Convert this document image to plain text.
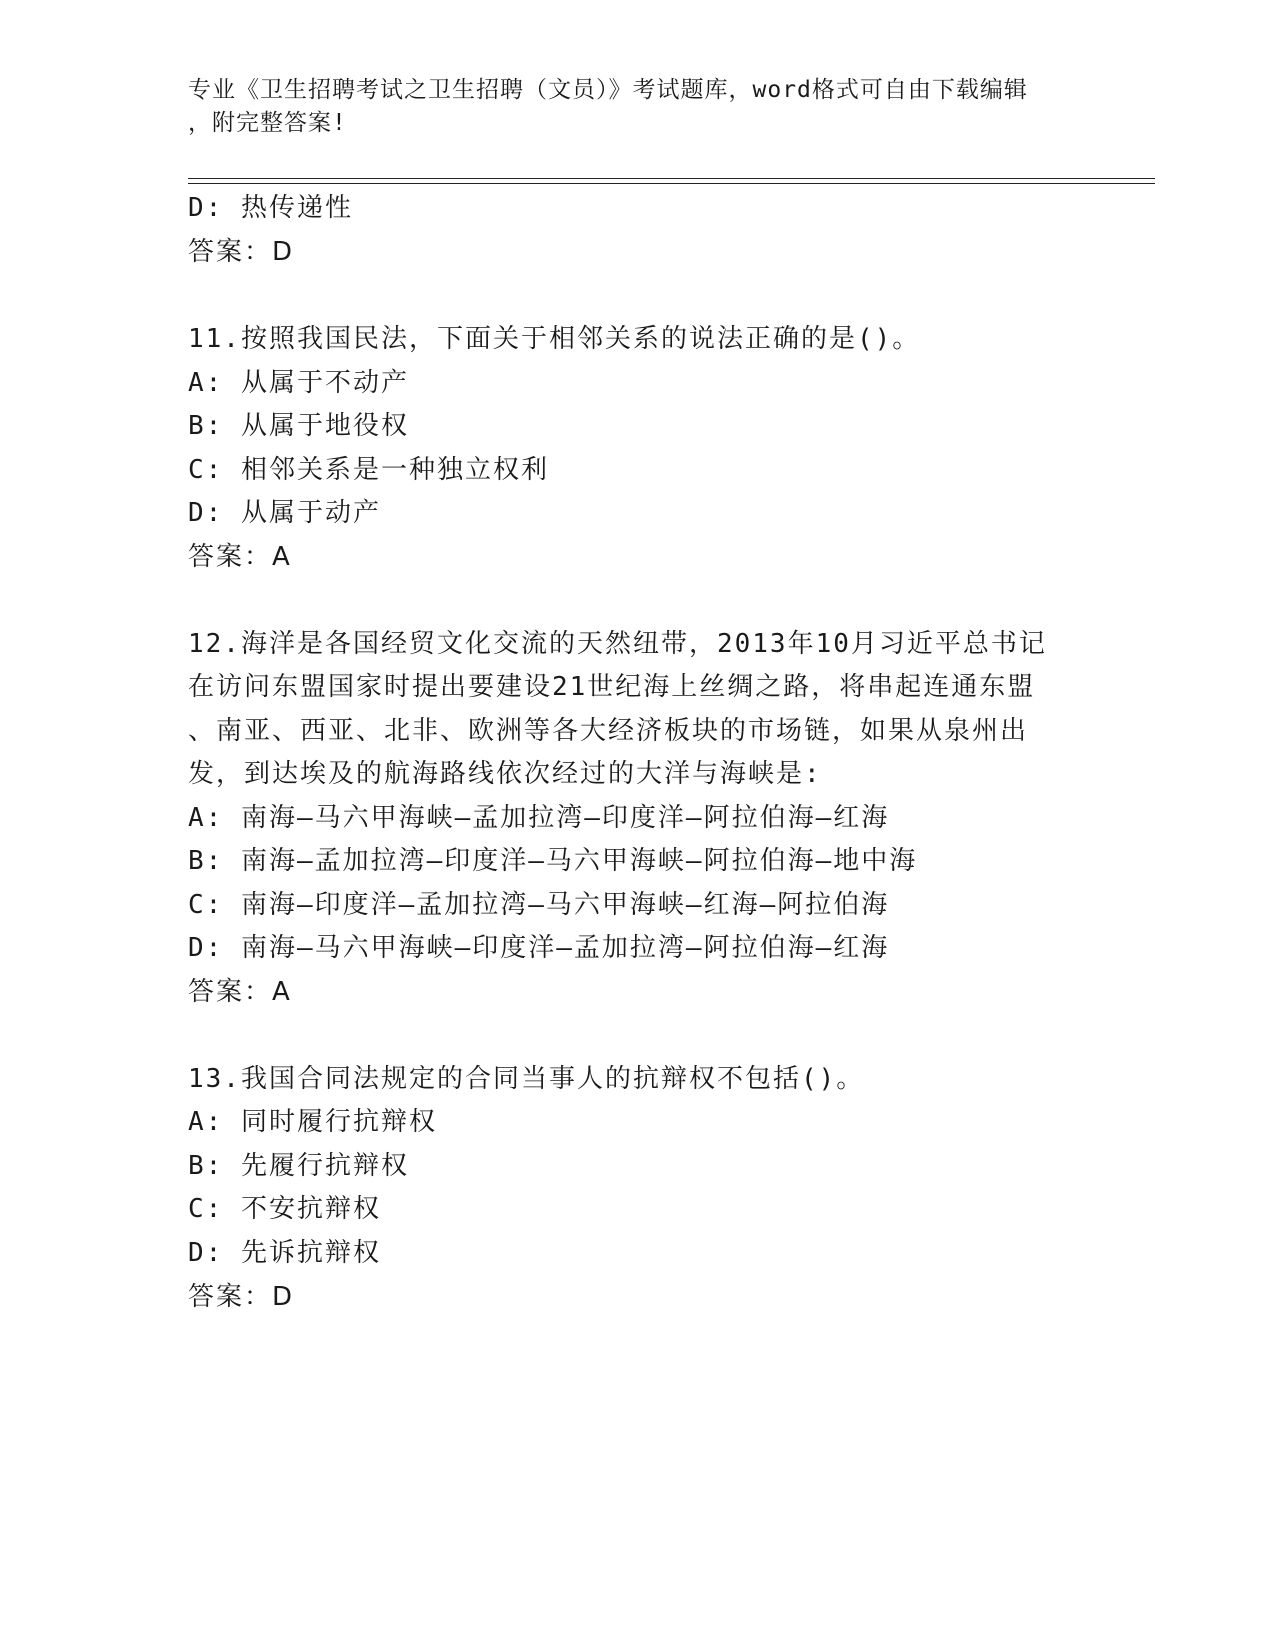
专业《卫生招聘考试之卫生招聘（文员）》考试题库，word格式可自由下载编辑
，附完整答案!
D: 热传递性
答案：D
11.按照我国民法，下面关于相邻关系的说法正确的是()。
A: 从属于不动产
B: 从属于地役权
C: 相邻关系是一种独立权利
D: 从属于动产
答案：A
12.海洋是各国经贸文化交流的天然纽带，2013年10月习近平总书记
在访问东盟国家时提出要建设21世纪海上丝绸之路，将串起连通东盟
、南亚、西亚、北非、欧洲等各大经济板块的市场链，如果从泉州出
发，到达埃及的航海路线依次经过的大洋与海峡是:
A: 南海—马六甲海峡—孟加拉湾—印度洋—阿拉伯海—红海
B: 南海—孟加拉湾—印度洋—马六甲海峡—阿拉伯海—地中海
C: 南海—印度洋—孟加拉湾—马六甲海峡—红海—阿拉伯海
D: 南海—马六甲海峡—印度洋—孟加拉湾—阿拉伯海—红海
答案：A
13.我国合同法规定的合同当事人的抗辩权不包括()。
A: 同时履行抗辩权
B: 先履行抗辩权
C: 不安抗辩权
D: 先诉抗辩权
答案：D
